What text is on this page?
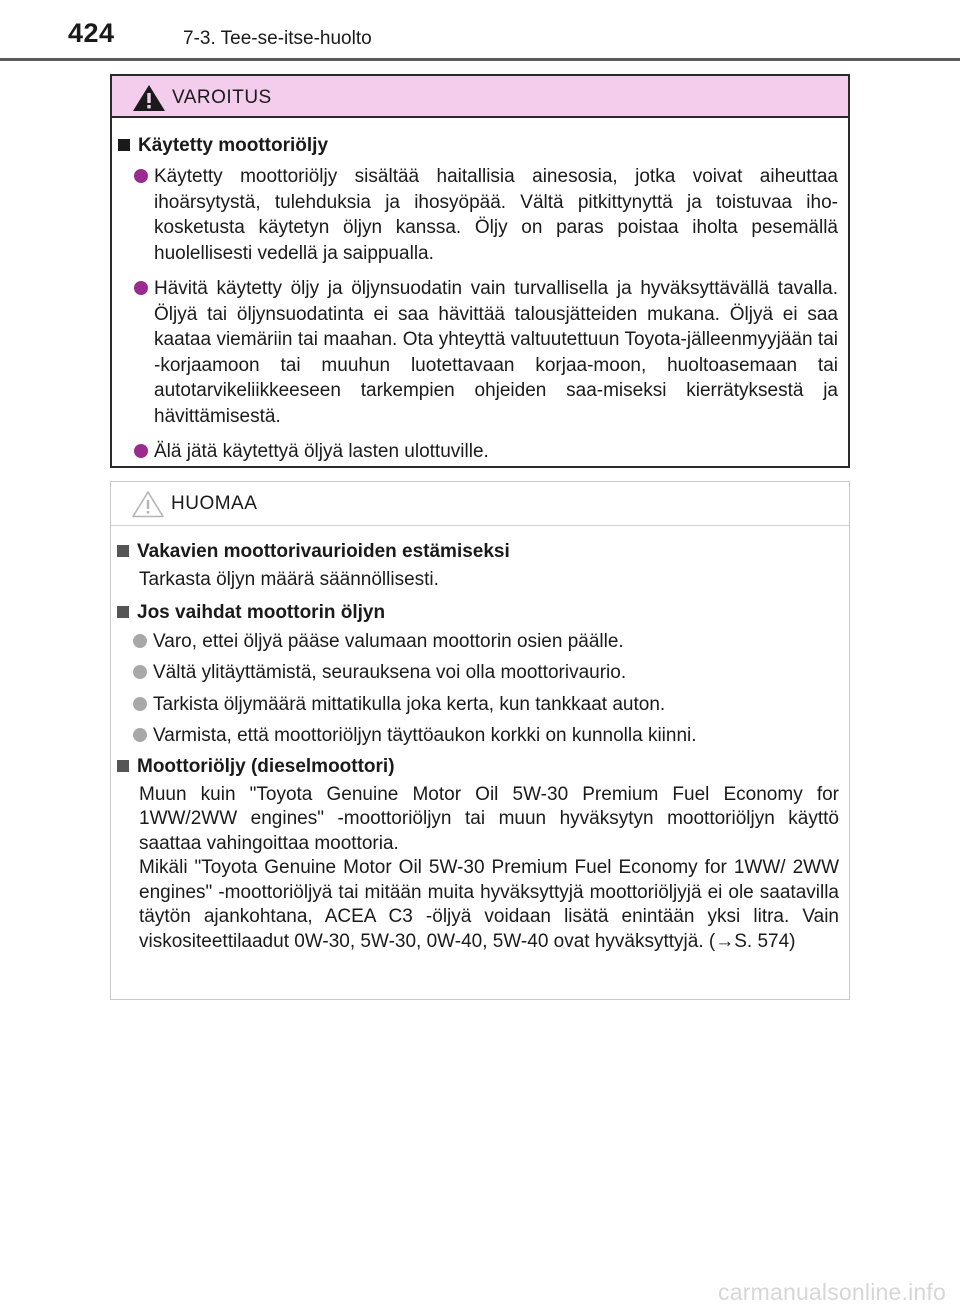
424	7-3. Tee-se-itse-huolto
VAROITUS
Käytetty moottoriöljy
Käytetty moottoriöljy sisältää haitallisia ainesosia, jotka voivat aiheuttaa ihoärsytystä, tulehduksia ja ihosyöpää. Vältä pitkittynyttä ja toistuvaa iho-kosketusta käytetyn öljyn kanssa. Öljy on paras poistaa iholta pesemällä huolellisesti vedellä ja saippualla.
Hävitä käytetty öljy ja öljynsuodatin vain turvallisella ja hyväksyttävällä tavalla. Öljyä tai öljynsuodatinta ei saa hävittää talousjätteiden mukana. Öljyä ei saa kaataa viemäriin tai maahan. Ota yhteyttä valtuutettuun Toyota-jälleenmyyjään tai -korjaamoon tai muuhun luotettavaan korjaa-moon, huoltoasemaan tai autotarvikeliikkeeseen tarkempien ohjeiden saa-miseksi kierrätyksestä ja hävittämisestä.
Älä jätä käytettyä öljyä lasten ulottuville.
HUOMAA
Vakavien moottorivaurioiden estämiseksi
Tarkasta öljyn määrä säännöllisesti.
Jos vaihdat moottorin öljyn
Varo, ettei öljyä pääse valumaan moottorin osien päälle.
Vältä ylitäyttämistä, seurauksena voi olla moottorivaurio.
Tarkista öljymäärä mittatikulla joka kerta, kun tankkaat auton.
Varmista, että moottoriöljyn täyttöaukon korkki on kunnolla kiinni.
Moottoriöljy (dieselmoottori)

Muun kuin "Toyota Genuine Motor Oil 5W-30 Premium Fuel Economy for 1WW/2WW engines" -moottoriöljyn tai muun hyväksytyn moottoriöljyn käyttö saattaa vahingoittaa moottoria.

Mikäli "Toyota Genuine Motor Oil 5W-30 Premium Fuel Economy for 1WW/ 2WW engines" -moottoriöljyä tai mitään muita hyväksyttyjä moottoriöljyjä ei ole saatavilla täytön ajankohtana, ACEA C3 -öljyä voidaan lisätä enintään yksi litra. Vain viskositeettilaadut 0W-30, 5W-30, 0W-40, 5W-40 ovat hyväksyttyjä. (→S. 574)

carmanualsonline.info
